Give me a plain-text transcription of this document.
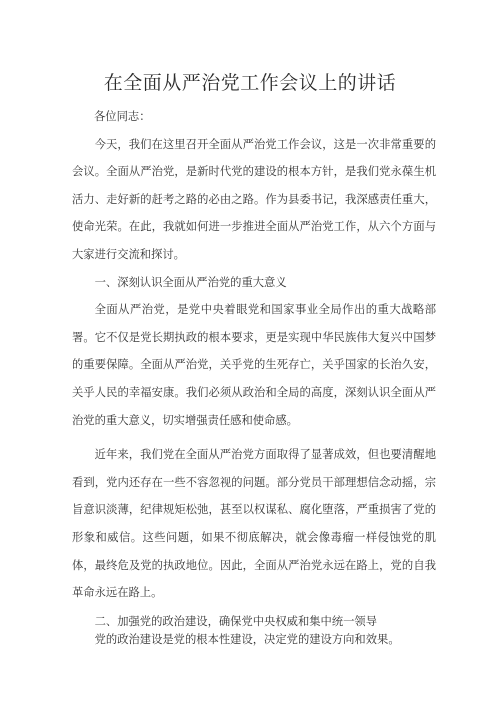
在全面从严治党工作会议上的讲话

各位同志：

今天，我们在这里召开全面从严治党工作会议，这是一次非常重要的会议。全面从严治党，是新时代党的建设的根本方针，是我们党永葆生机活力、走好新的赶考之路的必由之路。作为县委书记，我深感责任重大，使命光荣。在此，我就如何进一步推进全面从严治党工作，从六个方面与大家进行交流和探讨。

一、深刻认识全面从严治党的重大意义

全面从严治党，是党中央着眼党和国家事业全局作出的重大战略部署。它不仅是党长期执政的根本要求，更是实现中华民族伟大复兴中国梦的重要保障。全面从严治党，关乎党的生死存亡，关乎国家的长治久安，关乎人民的幸福安康。我们必须从政治和全局的高度，深刻认识全面从严治党的重大意义，切实增强责任感和使命感。

近年来，我们党在全面从严治党方面取得了显著成效，但也要清醒地看到，党内还存在一些不容忽视的问题。部分党员干部理想信念动摇，宗旨意识淡薄，纪律规矩松弛，甚至以权谋私、腐化堕落，严重损害了党的形象和威信。这些问题，如果不彻底解决，就会像毒瘤一样侵蚀党的肌体，最终危及党的执政地位。因此，全面从严治党永远在路上，党的自我革命永远在路上。

二、加强党的政治建设，确保党中央权威和集中统一领导

党的政治建设是党的根本性建设，决定党的建设方向和效果。
